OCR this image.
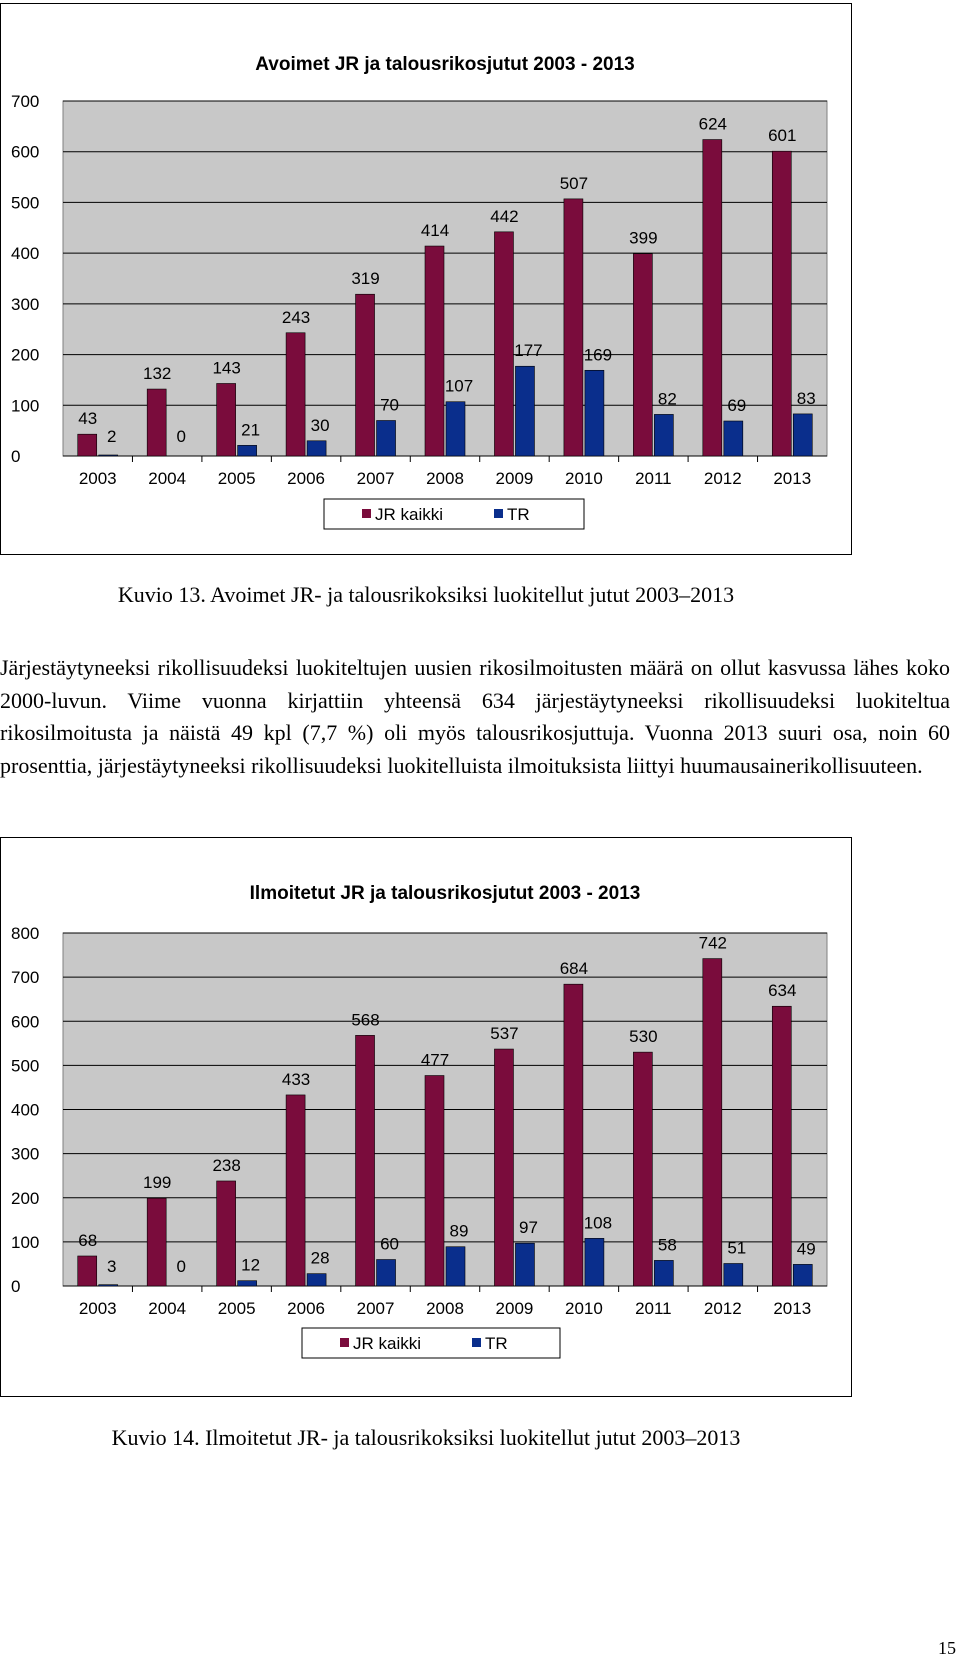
Avoimet JR ja talousrikosjutut 2003 - 2013
0
100
200
300
400
500
600
700
2003 2004 2005 2006 2007 2008 2009 2010 2011 2012 2013
43
132 143
243
319
414
442
507
399
624
601
2	0	21	30
70
107
177 169
82	69	83
JR kaikki	TR
Kuvio 13. Avoimet JR- ja talousrikoksiksi luokitellut jutut 2003–2013

Järjestäytyneeksi rikollisuudeksi luokiteltujen uusien rikosilmoitusten määrä on ollut kasvussa lähes koko 2000-luvun. Viime vuonna kirjattiin yhteensä 634 järjestäytyneeksi rikollisuudeksi luokiteltua rikosilmoitusta ja näistä 49 kpl (7,7 %) oli myös talousrikosjuttuja. Vuonna 2013 suuri osa, noin 60 prosenttia, järjestäytyneeksi rikollisuudeksi luokitelluista ilmoituksista liittyi huumausainerikollisuuteen.

Ilmoitetut JR ja talousrikosjutut 2003 - 2013
0
100
200
300
400
500
600
700
800
2003 2004 2005 2006 2007 2008 2009 2010 2011 2012 2013
68
199
238
433
568
477
537
684
530
742
634
3	0	12	28
60
89	97	108
58	51	49
JR kaikki	TR
Kuvio 14. Ilmoitetut JR- ja talousrikoksiksi luokitellut jutut 2003–2013
15
